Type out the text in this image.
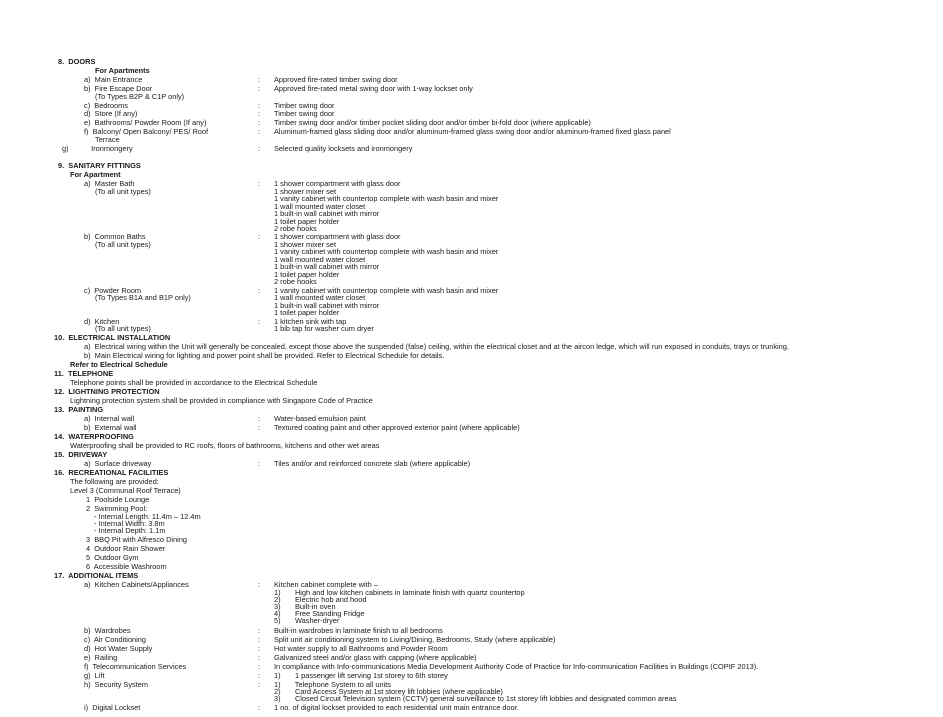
8.  DOORS
For Apartments
a)  Main Entrance	: Approved fire-rated timber swing door
b)  Fire Escape Door	: Approved fire-rated metal swing door with 1-way lockset only
(To Types B2P & C1P only)
c)  Bedrooms	: Timber swing door
d)  Store (If any)	: Timber swing door
e)  Bathrooms/ Powder Room (If any)	: Timber swing door and/or timber pocket sliding door and/or timber bi-fold door (where applicable)
f)  Balcony/ Open Balcony/ PES/ Roof	: Aluminum-framed glass sliding door and/or aluminum-framed glass swing door and/or aluminum-framed fixed glass panel
Terrace
g)           Ironmongery	: Selected quality locksets and ironmongery
9.  SANITARY FITTINGS
For Apartment
a)  Master Bath	: 1 shower compartment with glass door
(To all unit types)	1 shower mixer set
1 vanity cabinet with countertop complete with wash basin and mixer
1 wall mounted water closet
1 built-in wall cabinet with mirror
1 toilet paper holder
2 robe hooks
b)  Common Baths	: 1 shower compartment with glass door
(To all unit types)	1 shower mixer set
1 vanity cabinet with countertop complete with wash basin and mixer
1 wall mounted water closet
1 built-in wall cabinet with mirror
1 toilet paper holder
2 robe hooks
c)  Powder Room	: 1 vanity cabinet with countertop complete with wash basin and mixer
(To Types B1A and B1P only)	1 wall mounted water closet
1 built-in wall cabinet with mirror
1 toilet paper holder
d)  Kitchen	: 1 kitchen sink with tap
(To all unit types)	1 bib tap for washer cum dryer
10.  ELECTRICAL INSTALLATION
a)  Electrical wiring within the Unit will generally be concealed, except those above the suspended (false) ceiling, within the electrical closet and at the aircon ledge, which will run exposed in conduits, trays or trunking.
b)  Main Electrical wiring for lighting and power point shall be provided. Refer to Electrical Schedule for details.
Refer to Electrical Schedule
11.  TELEPHONE
Telephone points shall be provided in accordance to the Electrical Schedule
12.  LIGHTNING PROTECTION
Lightning protection system shall be provided in compliance with Singapore Code of Practice
13.  PAINTING
a)  Internal wall	: Water-based emulsion paint
b)  External wall	: Textured coating paint and other approved exterior paint (where applicable)
14.  WATERPROOFING
Waterproofing shall be provided to RC roofs, floors of bathrooms, kitchens and other wet areas
15.  DRIVEWAY
a)  Surface driveway	: Tiles and/or and reinforced concrete slab (where applicable)
16.  RECREATIONAL FACILITIES
The following are provided:
Level 3 (Communal Roof Terrace)
1  Poolside Lounge
2  Swimming Pool:
- Internal Length: 11.4m – 12.4m
- Internal Width: 3.8m
- Internal Depth: 1.1m
3  BBQ Pit with Alfresco Dining
4  Outdoor Rain Shower
5  Outdoor Gym
6  Accessible Washroom
17.  ADDITIONAL ITEMS
a)  Kitchen Cabinets/Appliances	: Kitchen cabinet complete with –
1)       High and low kitchen cabinets in laminate finish with quartz countertop
2)       Electric hob and hood
3)       Built-in oven
4)       Free Standing Fridge
5)       Washer-dryer
b)  Wardrobes	: Built-in wardrobes in laminate finish to all bedrooms
c)  Air Conditioning	: Split unit air conditioning system to Living/Dining, Bedrooms, Study (where applicable)
d)  Hot Water Supply	: Hot water supply to all Bathrooms and Powder Room
e)  Railing	: Galvanized steel and/or glass with capping (where applicable)
f)  Telecommunication Services	: In compliance with Info-communications Media Development Authority Code of Practice for Info-communication Facilities in Buildings (COPIF 2013).
g)  Lift	: 1)       1 passenger lift serving 1st storey to 6th storey
h)  Security System	: 1)       Telephone System to all units
2)       Card Access System at 1st storey lift lobbies (where applicable)
3)       Closed Circuit Television system (CCTV) general surveillance to 1st storey lift lobbies and designated common areas
i)  Digital Lockset	: 1 no. of digital lockset provided to each residential unit main entrance door.
